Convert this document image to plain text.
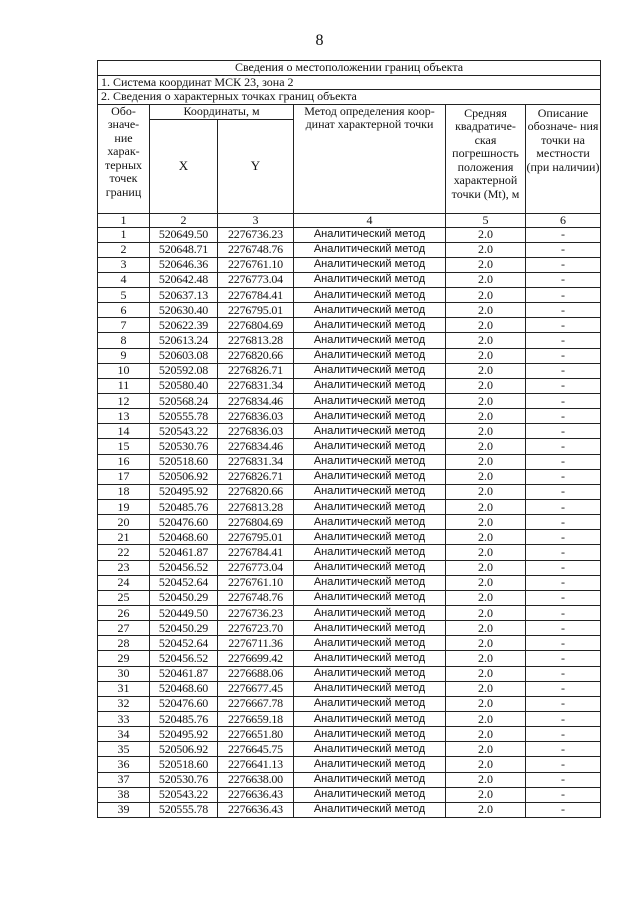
8
Сведения о местоположении границ объекта					
1. Система координат МСК 23, зона 2					
2. Сведения о характерных точках границ объекта					
Обо- значе- ние харак- терных точек границ	Координаты, м		Метод определения коор- динат характерной точки	Средняя квадратиче- ская погрешность положения характерной точки (Mt), м	Описание обозначе- ния точки на местности (при наличии)
	X	Y			
1	2	3	4	5	6
1	520649.50	2276736.23	Аналитический метод	2.0	-
2	520648.71	2276748.76	Аналитический метод	2.0	-
3	520646.36	2276761.10	Аналитический метод	2.0	-
4	520642.48	2276773.04	Аналитический метод	2.0	-
5	520637.13	2276784.41	Аналитический метод	2.0	-
6	520630.40	2276795.01	Аналитический метод	2.0	-
7	520622.39	2276804.69	Аналитический метод	2.0	-
8	520613.24	2276813.28	Аналитический метод	2.0	-
9	520603.08	2276820.66	Аналитический метод	2.0	-
10	520592.08	2276826.71	Аналитический метод	2.0	-
11	520580.40	2276831.34	Аналитический метод	2.0	-
12	520568.24	2276834.46	Аналитический метод	2.0	-
13	520555.78	2276836.03	Аналитический метод	2.0	-
14	520543.22	2276836.03	Аналитический метод	2.0	-
15	520530.76	2276834.46	Аналитический метод	2.0	-
16	520518.60	2276831.34	Аналитический метод	2.0	-
17	520506.92	2276826.71	Аналитический метод	2.0	-
18	520495.92	2276820.66	Аналитический метод	2.0	-
19	520485.76	2276813.28	Аналитический метод	2.0	-
20	520476.60	2276804.69	Аналитический метод	2.0	-
21	520468.60	2276795.01	Аналитический метод	2.0	-
22	520461.87	2276784.41	Аналитический метод	2.0	-
23	520456.52	2276773.04	Аналитический метод	2.0	-
24	520452.64	2276761.10	Аналитический метод	2.0	-
25	520450.29	2276748.76	Аналитический метод	2.0	-
26	520449.50	2276736.23	Аналитический метод	2.0	-
27	520450.29	2276723.70	Аналитический метод	2.0	-
28	520452.64	2276711.36	Аналитический метод	2.0	-
29	520456.52	2276699.42	Аналитический метод	2.0	-
30	520461.87	2276688.06	Аналитический метод	2.0	-
31	520468.60	2276677.45	Аналитический метод	2.0	-
32	520476.60	2276667.78	Аналитический метод	2.0	-
33	520485.76	2276659.18	Аналитический метод	2.0	-
34	520495.92	2276651.80	Аналитический метод	2.0	-
35	520506.92	2276645.75	Аналитический метод	2.0	-
36	520518.60	2276641.13	Аналитический метод	2.0	-
37	520530.76	2276638.00	Аналитический метод	2.0	-
38	520543.22	2276636.43	Аналитический метод	2.0	-
39	520555.78	2276636.43	Аналитический метод	2.0	-
